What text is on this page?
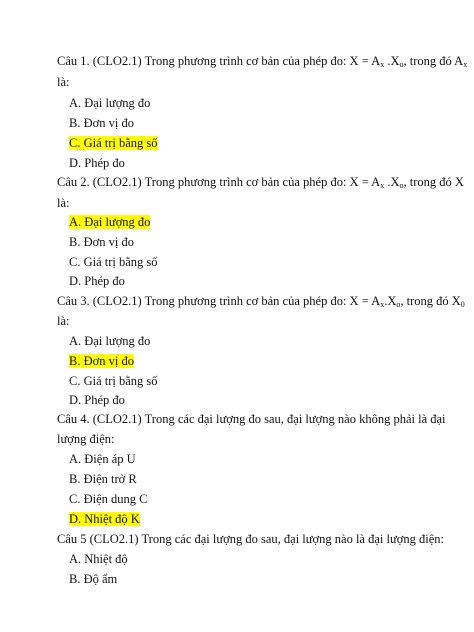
Câu 1. (CLO2.1) Trong phương trình cơ bản của phép đo: $X = A_x$ $.X_o$, trong đó $A_x$
là:
A. Đại lượng đo
B. Đơn vị đo
C. Giá trị bằng số
D. Phép đo
Câu 2. (CLO2.1) Trong phương trình cơ bản của phép đo: $X = A_x$ $.X_o$, trong đó X
là:
A. Đại lượng đo
B. Đơn vị đo
C. Giá trị bằng số
D. Phép đo
Câu 3. (CLO2.1) Trong phương trình cơ bản của phép đo: $X = A_x.X_o$, trong đó $X_0$
là:
A. Đại lượng đo
B. Đơn vị đo
C. Giá trị bằng số
D. Phép đo
Câu 4. (CLO2.1) Trong các đại lượng đo sau, đại lượng nào không phải là đại
lượng điện:
A. Điện áp U
B. Điện trở R
C. Điện dung C
D. Nhiệt độ K
Câu 5 (CLO2.1) Trong các đại lượng đo sau, đại lượng nào là đại lượng điện:
A. Nhiệt độ
B. Độ ẩm
